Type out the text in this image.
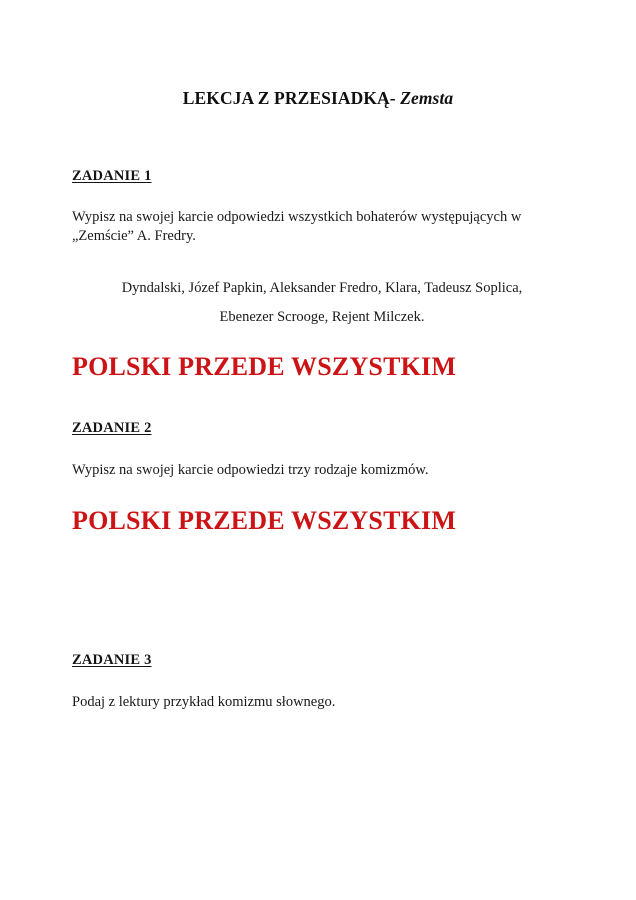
LEKCJA Z PRZESIADKĄ- Zemsta
ZADANIE 1

Wypisz na swojej karcie odpowiedzi wszystkich bohaterów występujących w „Zemście” A. Fredry.

Dyndalski, Józef Papkin, Aleksander Fredro, Klara, Tadeusz Soplica,

Ebenezer Scrooge, Rejent Milczek.

POLSKI PRZEDE WSZYSTKIM
ZADANIE 2

Wypisz na swojej karcie odpowiedzi trzy rodzaje komizmów.

POLSKI PRZEDE WSZYSTKIM
ZADANIE 3

Podaj z lektury przykład komizmu słownego.
